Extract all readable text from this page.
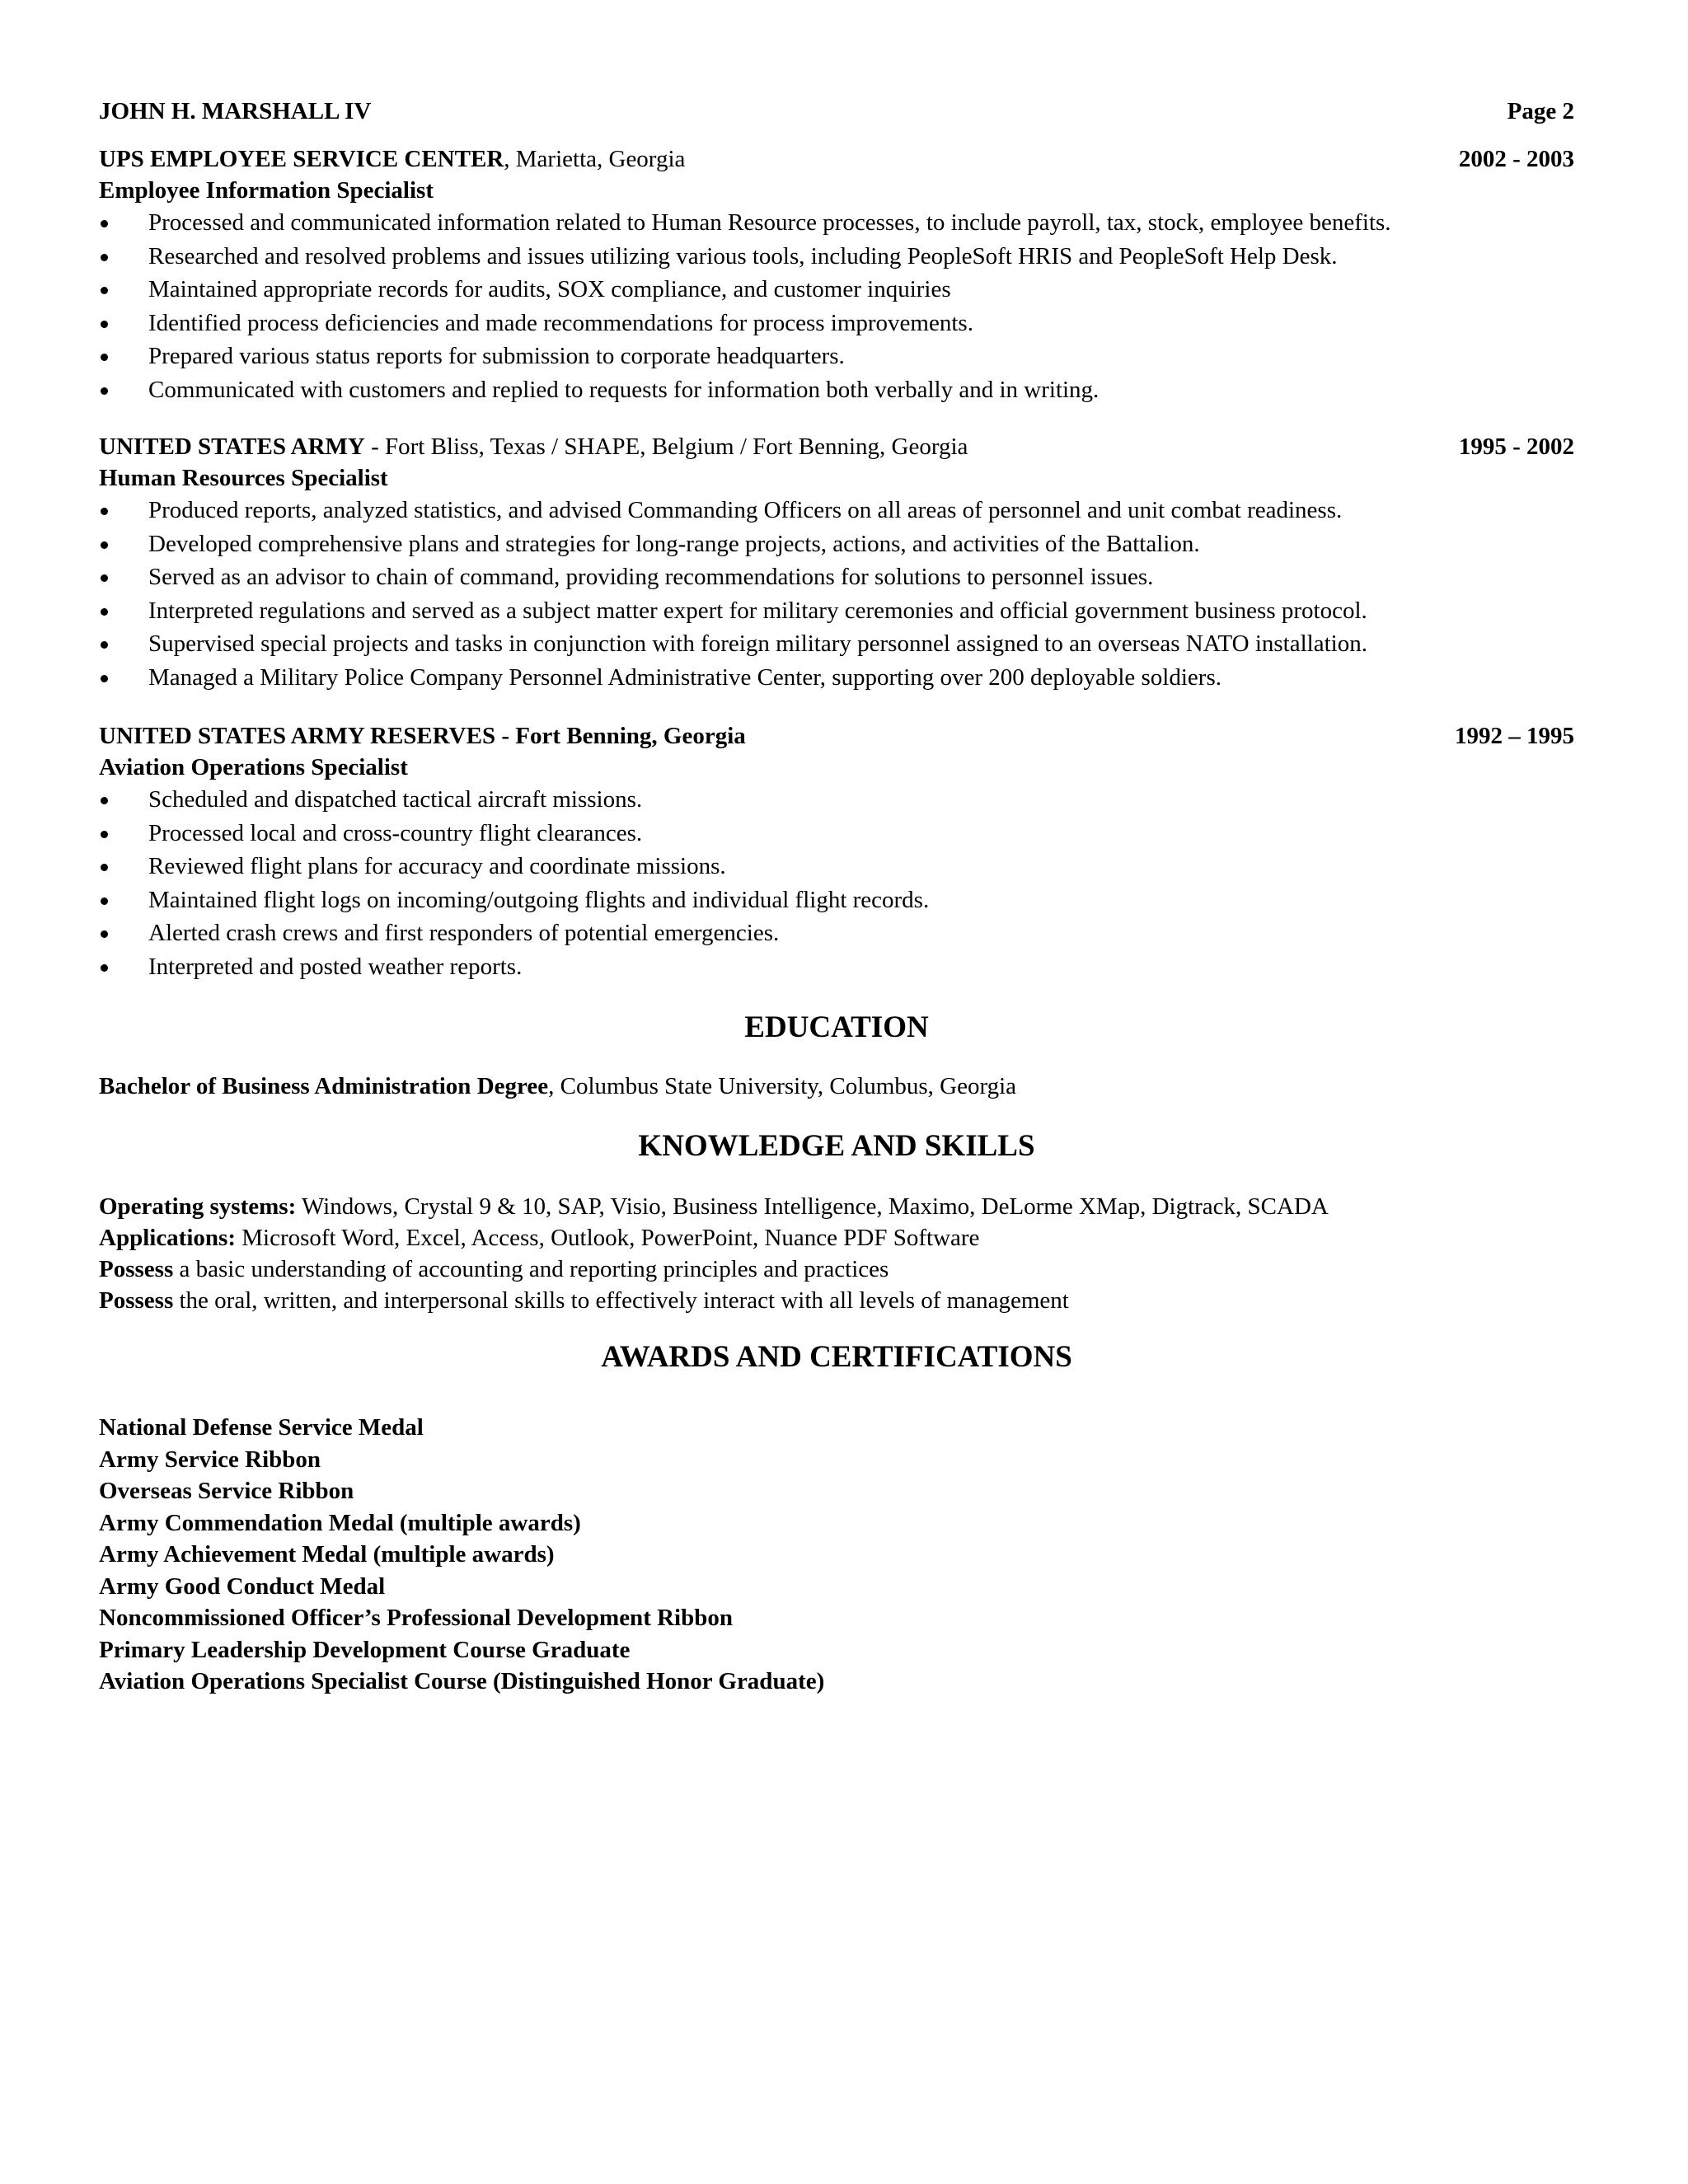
JOHN H. MARSHALL IV	Page 2
UPS EMPLOYEE SERVICE CENTER, Marietta, Georgia	2002 - 2003
Employee Information Specialist
Processed and communicated information related to Human Resource processes, to include payroll, tax, stock, employee benefits.
Researched and resolved problems and issues utilizing various tools, including PeopleSoft HRIS and PeopleSoft Help Desk.
Maintained appropriate records for audits, SOX compliance, and customer inquiries
Identified process deficiencies and made recommendations for process improvements.
Prepared various status reports for submission to corporate headquarters.
Communicated with customers and replied to requests for information both verbally and in writing.
UNITED STATES ARMY - Fort Bliss, Texas / SHAPE, Belgium / Fort Benning, Georgia	1995 - 2002
Human Resources Specialist
Produced reports, analyzed statistics, and advised Commanding Officers on all areas of personnel and unit combat readiness.
Developed comprehensive plans and strategies for long-range projects, actions, and activities of the Battalion.
Served as an advisor to chain of command, providing recommendations for solutions to personnel issues.
Interpreted regulations and served as a subject matter expert for military ceremonies and official government business protocol.
Supervised special projects and tasks in conjunction with foreign military personnel assigned to an overseas NATO installation.
Managed a Military Police Company Personnel Administrative Center, supporting over 200 deployable soldiers.
UNITED STATES ARMY RESERVES - Fort Benning, Georgia	1992 – 1995
Aviation Operations Specialist
Scheduled and dispatched tactical aircraft missions.
Processed local and cross-country flight clearances.
Reviewed flight plans for accuracy and coordinate missions.
Maintained flight logs on incoming/outgoing flights and individual flight records.
Alerted crash crews and first responders of potential emergencies.
Interpreted and posted weather reports.
EDUCATION
Bachelor of Business Administration Degree, Columbus State University, Columbus, Georgia
KNOWLEDGE AND SKILLS
Operating systems: Windows, Crystal 9 & 10, SAP, Visio, Business Intelligence, Maximo, DeLorme XMap, Digtrack, SCADA
Applications: Microsoft Word, Excel, Access, Outlook, PowerPoint, Nuance PDF Software
Possess a basic understanding of accounting and reporting principles and practices
Possess the oral, written, and interpersonal skills to effectively interact with all levels of management
AWARDS AND CERTIFICATIONS
National Defense Service Medal
Army Service Ribbon
Overseas Service Ribbon
Army Commendation Medal (multiple awards)
Army Achievement Medal (multiple awards)
Army Good Conduct Medal
Noncommissioned Officer’s Professional Development Ribbon
Primary Leadership Development Course Graduate
Aviation Operations Specialist Course (Distinguished Honor Graduate)
